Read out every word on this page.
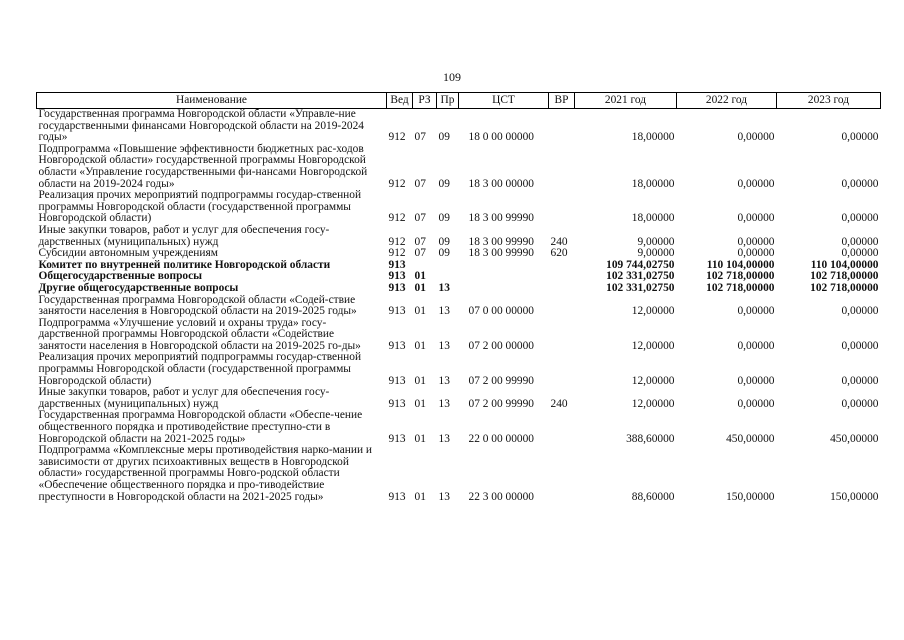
109
Наименование	Вед	РЗ	Пр	ЦСТ	ВР	2021 год	2022 год	2023 год
Государственная программа Новгородской области «Управле-ние государственными финансами Новгородской области на 2019-2024 годы»	912	07	09	18 0 00 00000		18,00000	0,00000	0,00000
Подпрограмма «Повышение эффективности бюджетных рас-ходов Новгородской области» государственной программы Новгородской области «Управление государственными фи-нансами Новгородской области на 2019-2024 годы»	912	07	09	18 3 00 00000		18,00000	0,00000	0,00000
Реализация прочих мероприятий подпрограммы государ-ственной программы Новгородской области (государственной программы Новгородской области)	912	07	09	18 3 00 99990		18,00000	0,00000	0,00000
Иные закупки товаров, работ и услуг для обеспечения госу-дарственных (муниципальных) нужд	912	07	09	18 3 00 99990	240	9,00000	0,00000	0,00000
Субсидии автономным учреждениям	912	07	09	18 3 00 99990	620	9,00000	0,00000	0,00000
Комитет по внутренней политике Новгородской области	913					109 744,02750	110 104,00000	110 104,00000
Общегосударственные вопросы	913	01				102 331,02750	102 718,00000	102 718,00000
Другие общегосударственные вопросы	913	01	13			102 331,02750	102 718,00000	102 718,00000
Государственная программа Новгородской области «Содей-ствие занятости населения в Новгородской области на 2019-2025 годы»	913	01	13	07 0 00 00000		12,00000	0,00000	0,00000
Подпрограмма «Улучшение условий и охраны труда» госу-дарственной программы Новгородской области «Содействие занятости населения в Новгородской области на 2019-2025 го-ды»	913	01	13	07 2 00 00000		12,00000	0,00000	0,00000
Реализация прочих мероприятий подпрограммы государ-ственной программы Новгородской области (государственной программы Новгородской области)	913	01	13	07 2 00 99990		12,00000	0,00000	0,00000
Иные закупки товаров, работ и услуг для обеспечения госу-дарственных (муниципальных) нужд	913	01	13	07 2 00 99990	240	12,00000	0,00000	0,00000
Государственная программа Новгородской области «Обеспе-чение общественного порядка и противодействие преступно-сти в Новгородской области на 2021-2025 годы»	913	01	13	22 0 00 00000		388,60000	450,00000	450,00000
Подпрограмма «Комплексные меры противодействия нарко-мании и зависимости от других психоактивных веществ в Новгородской области» государственной программы Новго-родской области «Обеспечение общественного порядка и про-тиводействие преступности в Новгородской области на 2021-2025 годы»	913	01	13	22 3 00 00000		88,60000	150,00000	150,00000
